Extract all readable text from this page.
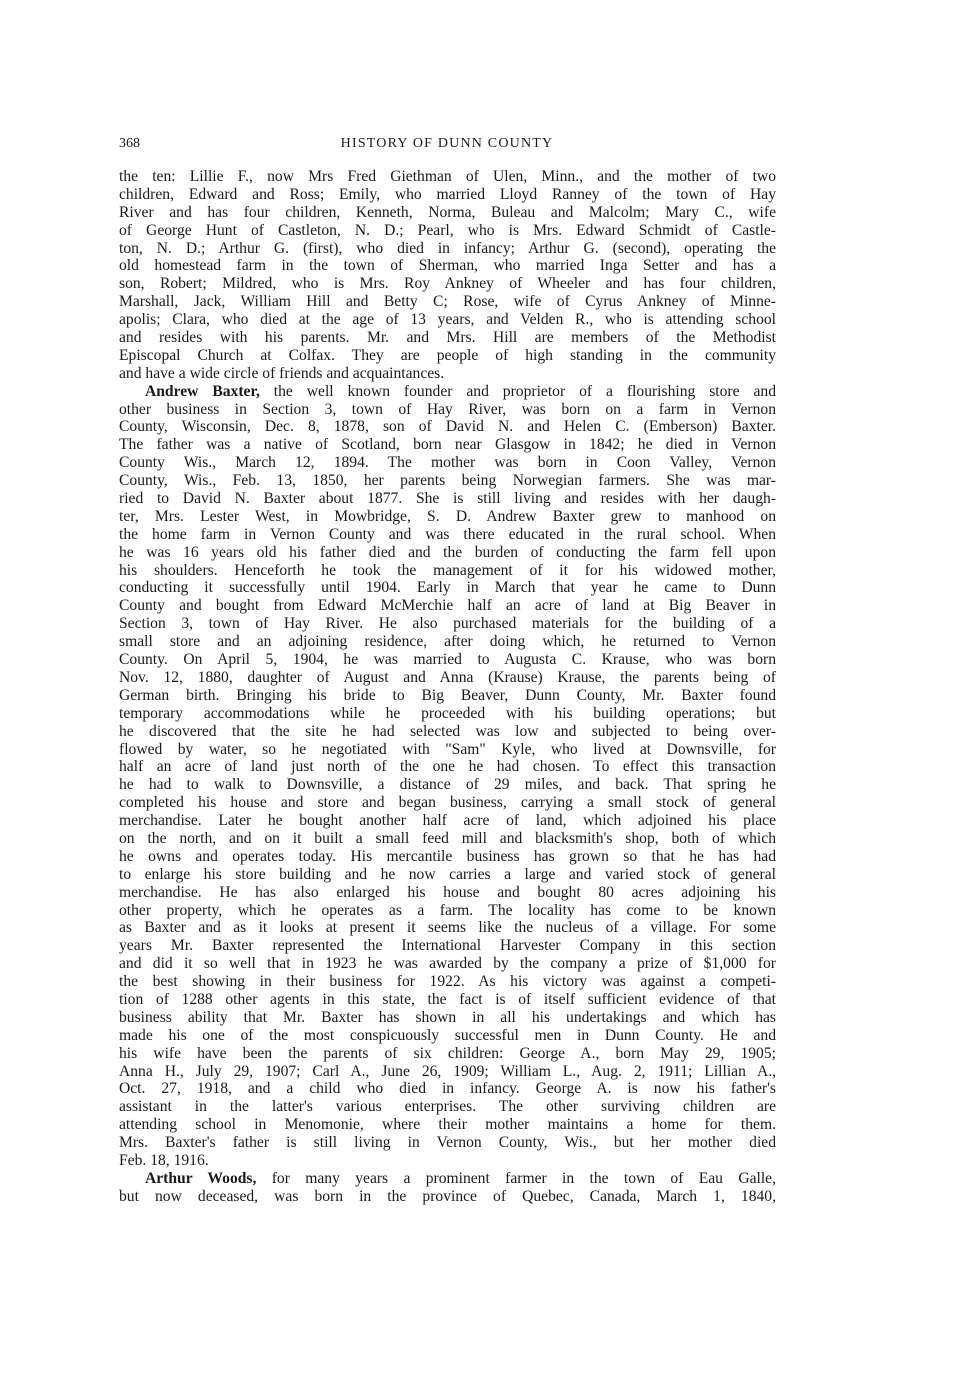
368	HISTORY OF DUNN COUNTY
the ten: Lillie F., now Mrs Fred Giethman of Ulen, Minn., and the mother of two
children, Edward and Ross; Emily, who married Lloyd Ranney of the town of Hay
River and has four children, Kenneth, Norma, Buleau and Malcolm; Mary C., wife
of George Hunt of Castleton, N. D.; Pearl, who is Mrs. Edward Schmidt of Castle-
ton, N. D.; Arthur G. (first), who died in infancy; Arthur G. (second), operating the
old homestead farm in the town of Sherman, who married Inga Setter and has a
son, Robert; Mildred, who is Mrs. Roy Ankney of Wheeler and has four children,
Marshall, Jack, William Hill and Betty C; Rose, wife of Cyrus Ankney of Minne-
apolis; Clara, who died at the age of 13 years, and Velden R., who is attending school
and resides with his parents. Mr. and Mrs. Hill are members of the Methodist
Episcopal Church at Colfax. They are people of high standing in the community
and have a wide circle of friends and acquaintances.
Andrew Baxter, the well known founder and proprietor of a flourishing store and
other business in Section 3, town of Hay River, was born on a farm in Vernon
County, Wisconsin, Dec. 8, 1878, son of David N. and Helen C. (Emberson) Baxter.
The father was a native of Scotland, born near Glasgow in 1842; he died in Vernon
County Wis., March 12, 1894. The mother was born in Coon Valley, Vernon
County, Wis., Feb. 13, 1850, her parents being Norwegian farmers. She was mar-
ried to David N. Baxter about 1877. She is still living and resides with her daugh-
ter, Mrs. Lester West, in Mowbridge, S. D. Andrew Baxter grew to manhood on
the home farm in Vernon County and was there educated in the rural school. When
he was 16 years old his father died and the burden of conducting the farm fell upon
his shoulders. Henceforth he took the management of it for his widowed mother,
conducting it successfully until 1904. Early in March that year he came to Dunn
County and bought from Edward McMerchie half an acre of land at Big Beaver in
Section 3, town of Hay River. He also purchased materials for the building of a
small store and an adjoining residence, after doing which, he returned to Vernon
County. On April 5, 1904, he was married to Augusta C. Krause, who was born
Nov. 12, 1880, daughter of August and Anna (Krause) Krause, the parents being of
German birth. Bringing his bride to Big Beaver, Dunn County, Mr. Baxter found
temporary accommodations while he proceeded with his building operations; but
he discovered that the site he had selected was low and subjected to being over-
flowed by water, so he negotiated with "Sam" Kyle, who lived at Downsville, for
half an acre of land just north of the one he had chosen. To effect this transaction
he had to walk to Downsville, a distance of 29 miles, and back. That spring he
completed his house and store and began business, carrying a small stock of general
merchandise. Later he bought another half acre of land, which adjoined his place
on the north, and on it built a small feed mill and blacksmith's shop, both of which
he owns and operates today. His mercantile business has grown so that he has had
to enlarge his store building and he now carries a large and varied stock of general
merchandise. He has also enlarged his house and bought 80 acres adjoining his
other property, which he operates as a farm. The locality has come to be known
as Baxter and as it looks at present it seems like the nucleus of a village. For some
years Mr. Baxter represented the International Harvester Company in this section
and did it so well that in 1923 he was awarded by the company a prize of $1,000 for
the best showing in their business for 1922. As his victory was against a competi-
tion of 1288 other agents in this state, the fact is of itself sufficient evidence of that
business ability that Mr. Baxter has shown in all his undertakings and which has
made his one of the most conspicuously successful men in Dunn County. He and
his wife have been the parents of six children: George A., born May 29, 1905;
Anna H., July 29, 1907; Carl A., June 26, 1909; William L., Aug. 2, 1911; Lillian A.,
Oct. 27, 1918, and a child who died in infancy. George A. is now his father's
assistant in the latter's various enterprises. The other surviving children are
attending school in Menomonie, where their mother maintains a home for them.
Mrs. Baxter's father is still living in Vernon County, Wis., but her mother died
Feb. 18, 1916.
Arthur Woods, for many years a prominent farmer in the town of Eau Galle,
but now deceased, was born in the province of Quebec, Canada, March 1, 1840,
